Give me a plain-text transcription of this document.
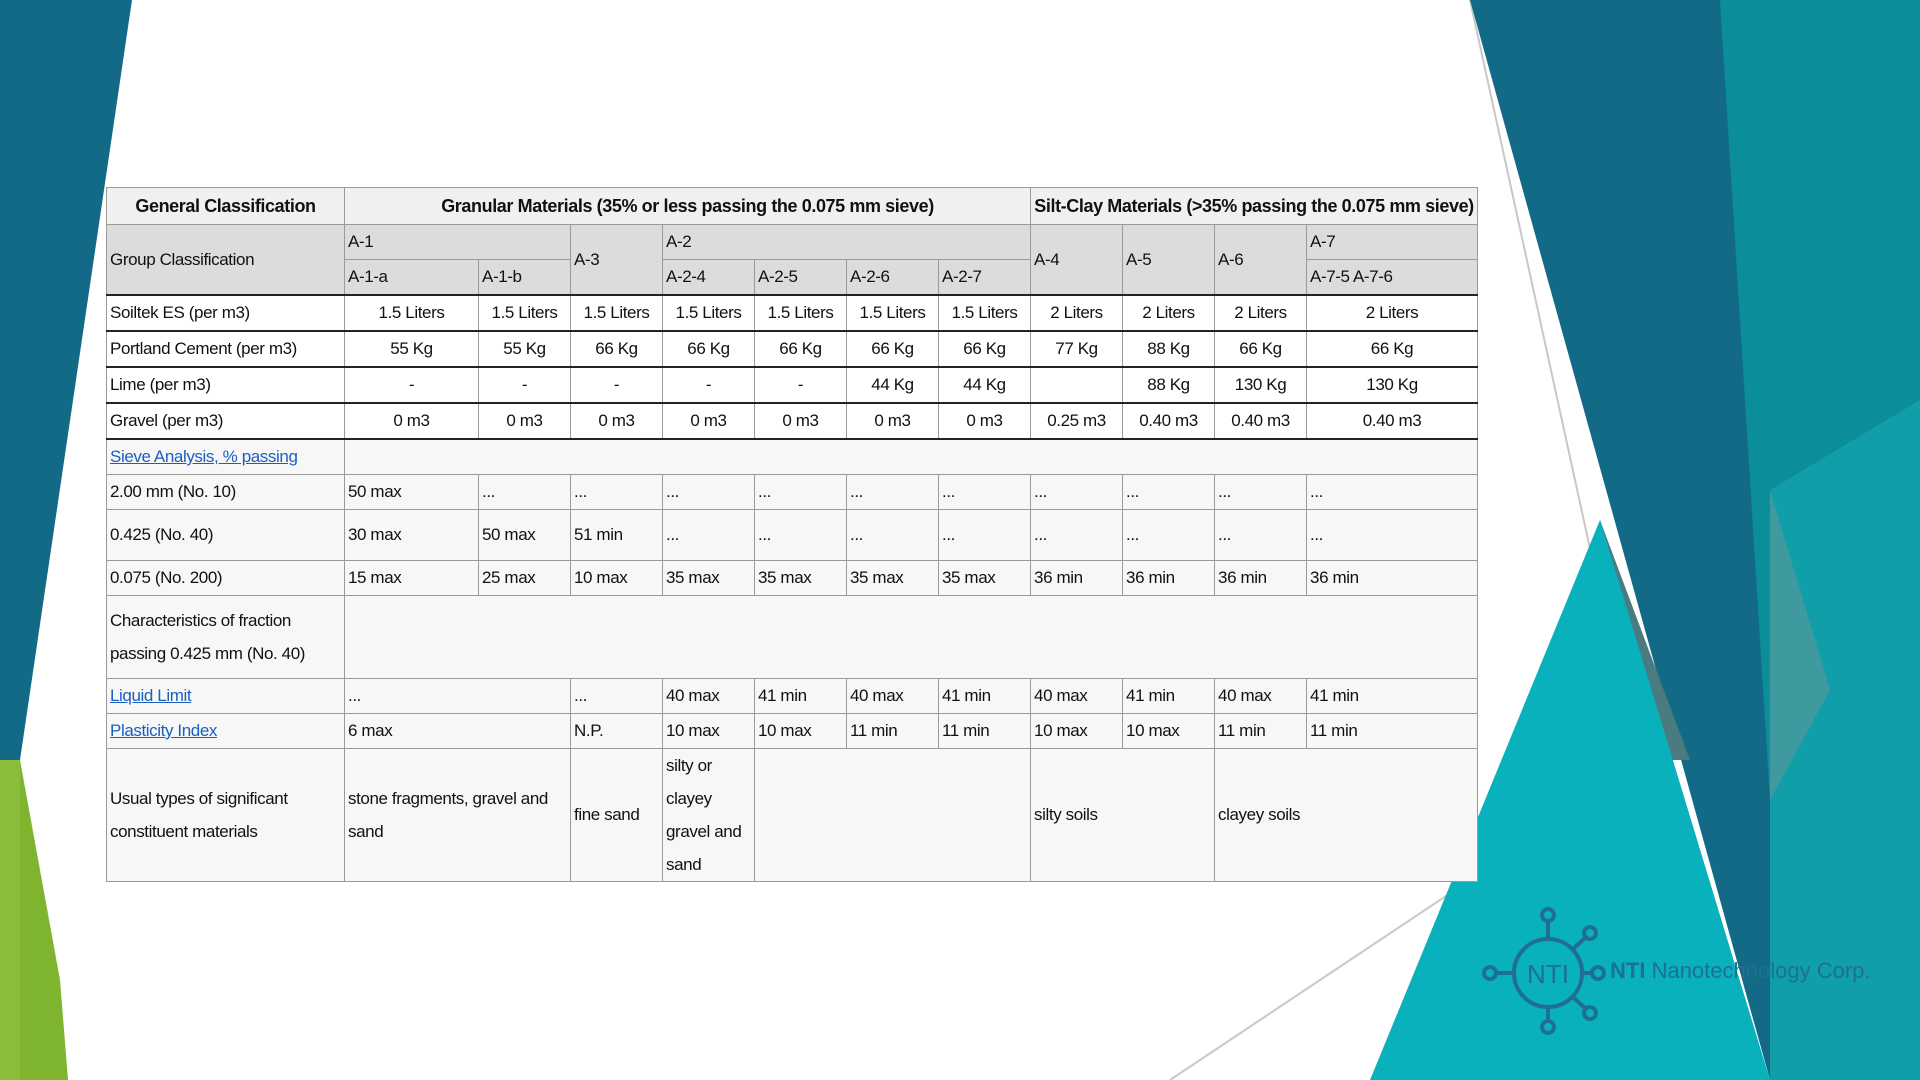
General Classification	Granular Materials (35% or less passing the 0.075 mm sieve)							Silt-Clay Materials (>35% passing the 0.075 mm sieve)			
Group Classification	A-1		A-3	A-2				A-4	A-5	A-6	A-7
	A-1-a	A-1-b		A-2-4	A-2-5	A-2-6	A-2-7				A-7-5 A-7-6
Soiltek ES (per m3)	1.5 Liters	1.5 Liters	1.5 Liters	1.5 Liters	1.5 Liters	1.5 Liters	1.5 Liters	2 Liters	2 Liters	2 Liters	2 Liters
Portland Cement (per m3)	55 Kg	55 Kg	66 Kg	66 Kg	66 Kg	66 Kg	66 Kg	77 Kg	88 Kg	66 Kg	66 Kg
Lime (per m3)	-	-	-	-	-	44 Kg	44 Kg		88 Kg	130 Kg	130 Kg
Gravel (per m3)	0 m3	0 m3	0 m3	0 m3	0 m3	0 m3	0 m3	0.25 m3	0.40 m3	0.40 m3	0.40 m3
Sieve Analysis, % passing											
2.00 mm (No. 10)	50 max	...	...	...	...	...	...	...	...	...	...
0.425 (No. 40)	30 max	50 max	51 min	...	...	...	...	...	...	...	...
0.075 (No. 200)	15 max	25 max	10 max	35 max	35 max	35 max	35 max	36 min	36 min	36 min	36 min
Characteristics of fraction passing 0.425 mm (No. 40)											
Liquid Limit	...		...	40 max	41 min	40 max	41 min	40 max	41 min	40 max	41 min
Plasticity Index	6 max		N.P.	10 max	10 max	11 min	11 min	10 max	10 max	11 min	11 min
Usual types of significant constituent materials	stone fragments, gravel and sand		fine sand	silty or clayey gravel and sand				silty soils		clayey soils	
NTI NTI Nanotechnology Corp.
